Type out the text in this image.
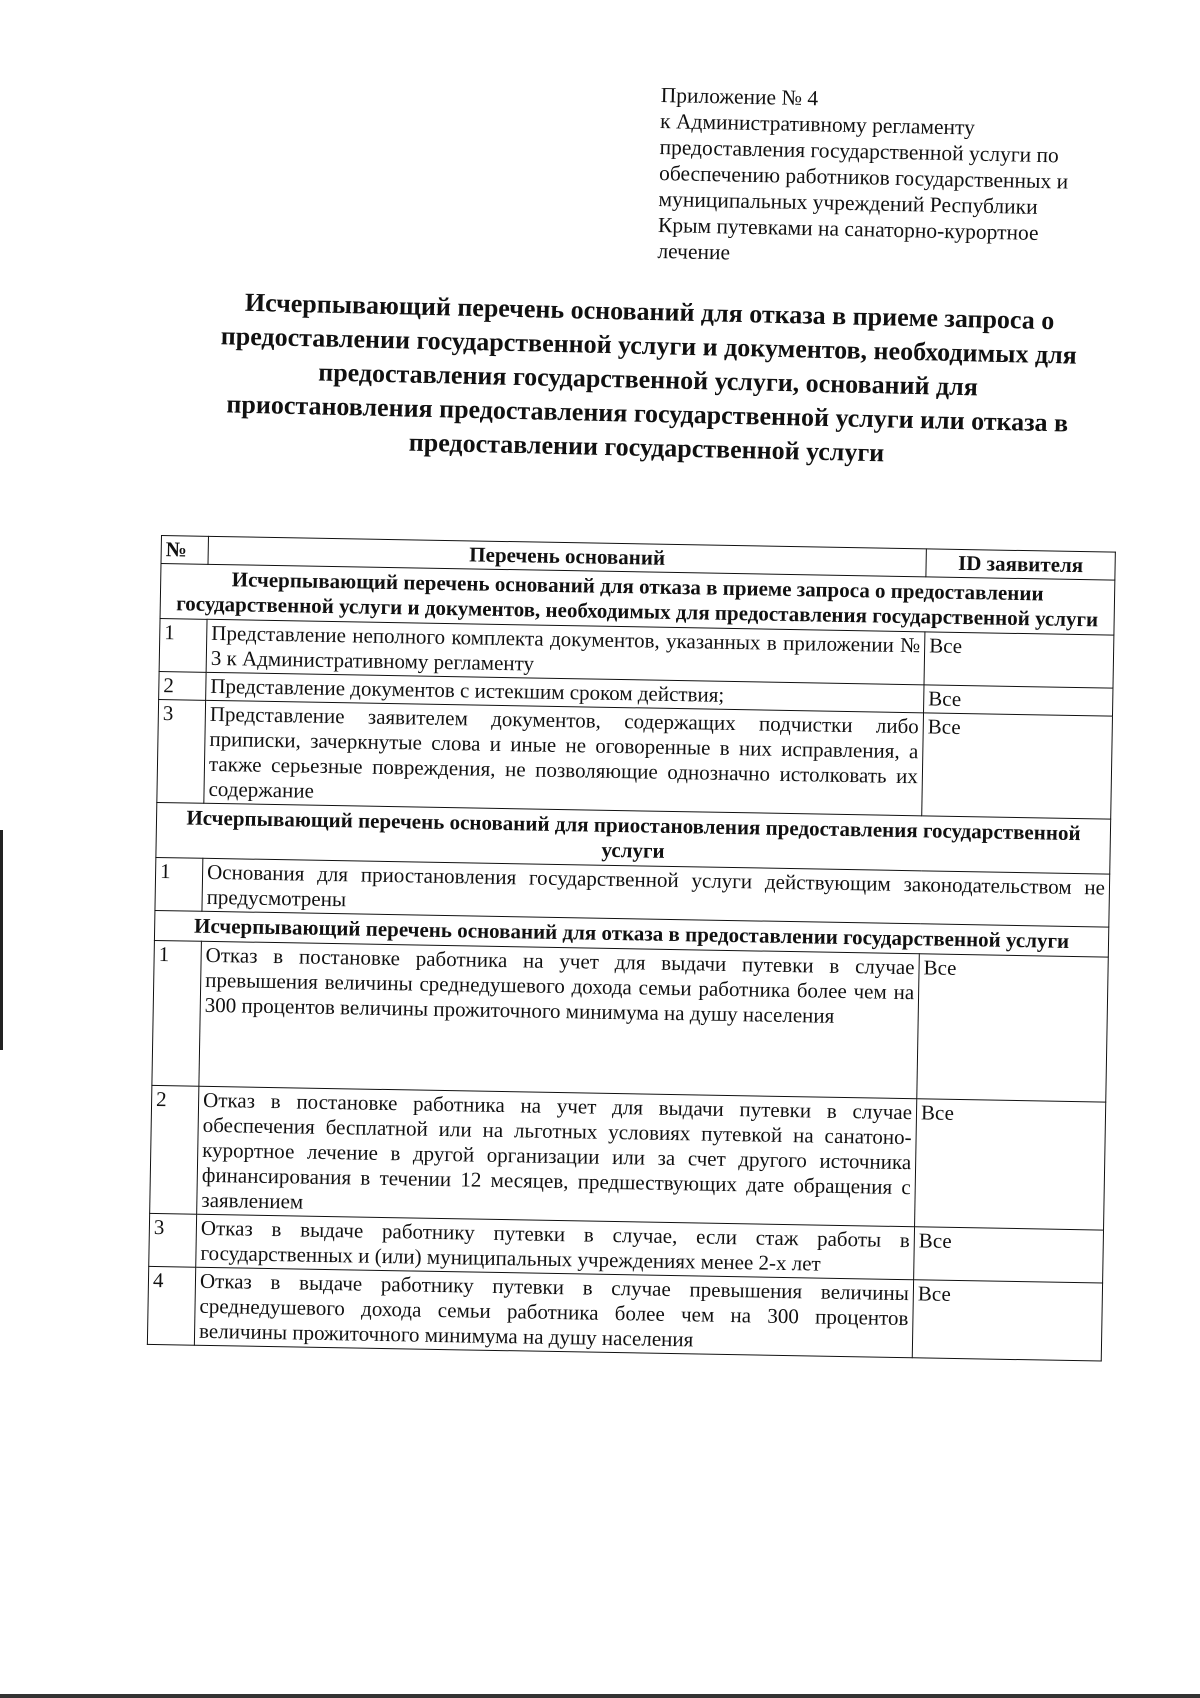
Приложение № 4
к Административному регламенту
предоставления государственной услуги по
обеспечению работников государственных и
муниципальных учреждений Республики
Крым путевками на санаторно-курортное
лечение
Исчерпывающий перечень оснований для отказа в приеме запроса о
предоставлении государственной услуги и документов, необходимых для
предоставления государственной услуги, оснований для
приостановления предоставления государственной услуги или отказа в
предоставлении государственной услуги
№	Перечень оснований	ID заявителя
Исчерпывающий перечень оснований для отказа в приеме запроса о предоставлении государственной услуги и документов, необходимых для предоставления государственной услуги		
1	Представление неполного комплекта документов, указанных в приложении № 3 к Административному регламенту	Все
2	Представление документов с истекшим сроком действия;	Все
3	Представление заявителем документов, содержащих подчистки либо приписки, зачеркнутые слова и иные не оговоренные в них исправления, а также серьезные повреждения, не позволяющие однозначно истолковать их содержание	Все
Исчерпывающий перечень оснований для приостановления предоставления государственной услуги		
1	Основания для приостановления государственной услуги действующим законодательством не предусмотрены	
Исчерпывающий перечень оснований для отказа в предоставлении государственной услуги		
1	Отказ в постановке работника на учет для выдачи путевки в случае превышения величины среднедушевого дохода семьи работника более чем на 300 процентов величины прожиточного минимума на душу населения	Все
2	Отказ в постановке работника на учет для выдачи путевки в случае обеспечения бесплатной или на льготных условиях путевкой на санатоно-курортное лечение в другой организации или за счет другого источника финансирования в течении 12 месяцев, предшествующих дате обращения с заявлением	Все
3	Отказ в выдаче работнику путевки в случае, если стаж работы в государственных и (или) муниципальных учреждениях менее 2-х лет	Все
4	Отказ в выдаче работнику путевки в случае превышения величины среднедушевого дохода семьи работника более чем на 300 процентов величины прожиточного минимума на душу населения	Все
